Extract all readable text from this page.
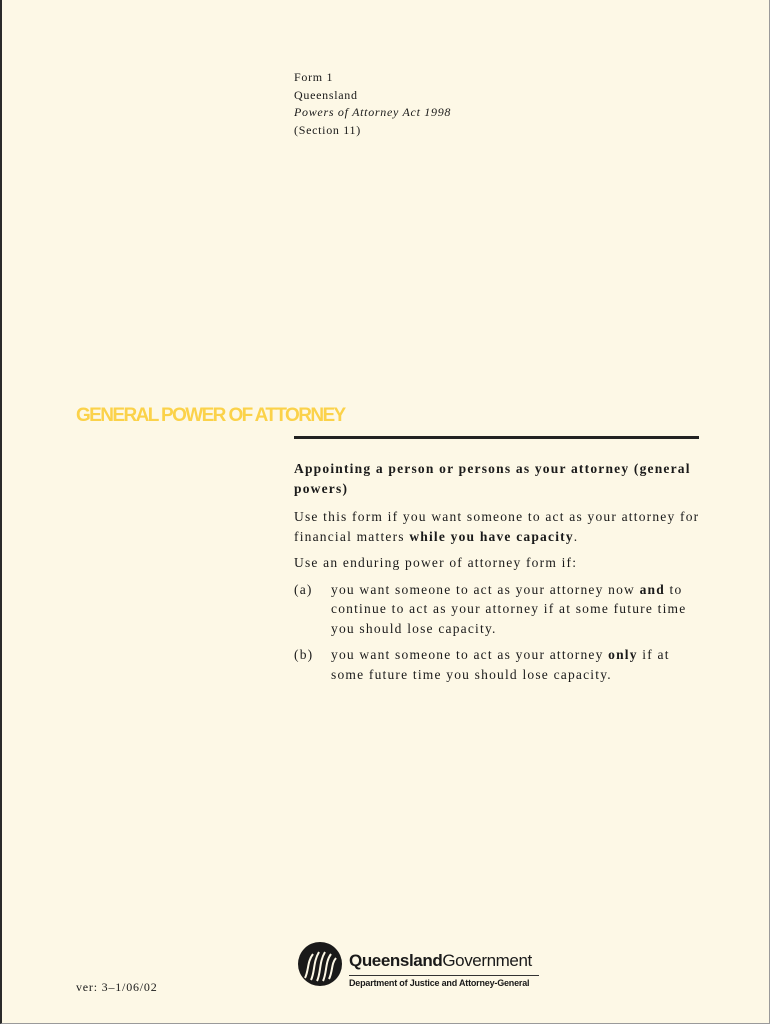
Form 1
Queensland
Powers of Attorney Act 1998
(Section 11)
GENERAL POWER OF ATTORNEY

Appointing a person or persons as your attorney (general powers)

Use this form if you want someone to act as your attorney for financial matters while you have capacity.

Use an enduring power of attorney form if:

(a)	you want someone to act as your attorney now and to continue to act as your attorney if at some future time you should lose capacity.
(b)	you want someone to act as your attorney only if at some future time you should lose capacity.
ver: 3–1/06/02
QueenslandGovernment
Department of Justice and Attorney-General
